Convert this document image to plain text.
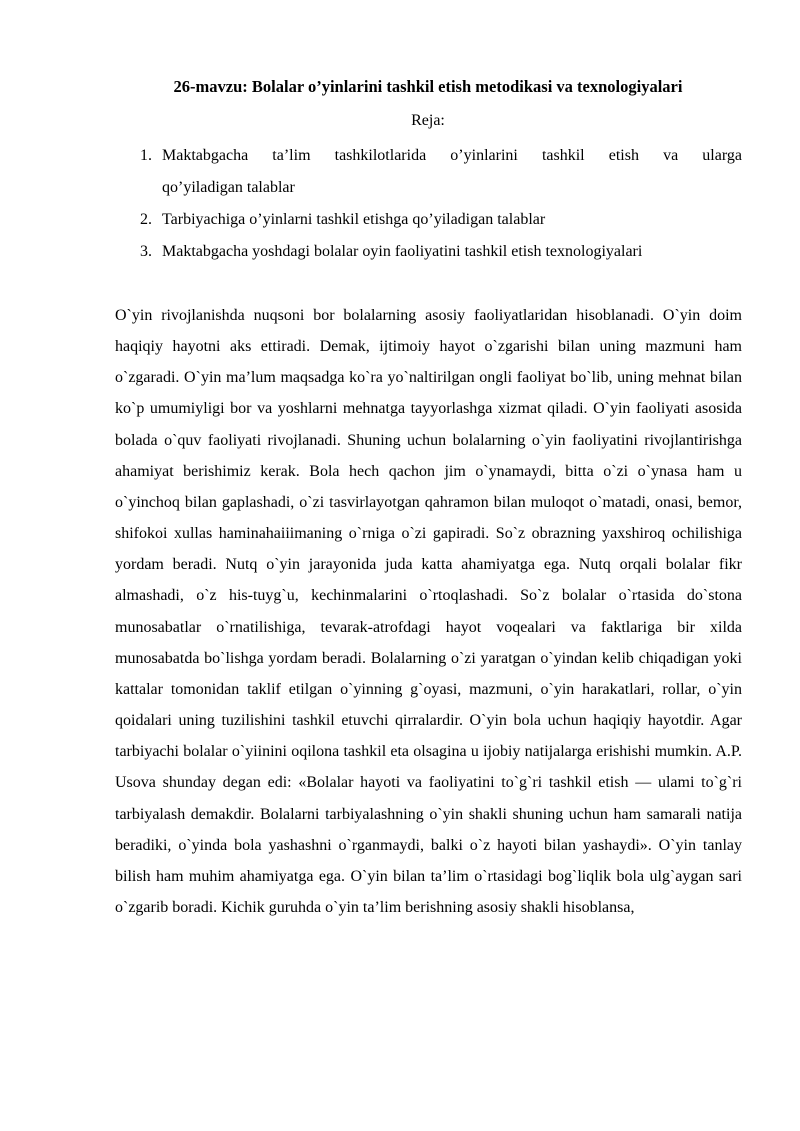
26-mavzu: Bolalar o’yinlarini tashkil etish metodikasi va texnologiyalari
Reja:
1. Maktabgacha ta’lim tashkilotlarida o’yinlarini tashkil etish va ularga
qo’yiladigan talablar
2. Tarbiyachiga o’yinlarni tashkil etishga qo’yiladigan talablar
3. Maktabgacha yoshdagi bolalar oyin faoliyatini tashkil etish texnologiyalari

O`yin rivojlanishda nuqsoni bor bolalarning asosiy faoliyatlaridan hisoblanadi. O`yin doim haqiqiy hayotni aks ettiradi. Demak, ijtimoiy hayot o`zgarishi bilan uning mazmuni ham o`zgaradi. O`yin ma’lum maqsadga ko`ra yo`naltirilgan ongli faoliyat bo`lib, uning mehnat bilan ko`p umumiyligi bor va yoshlarni mehnatga tayyorlashga xizmat qiladi. O`yin faoliyati asosida bolada o`quv faoliyati rivojlanadi. Shuning uchun bolalarning o`yin faoliyatini rivojlantirishga ahamiyat berishimiz kerak. Bola hech qachon jim o`ynamaydi, bitta o`zi o`ynasa ham u o`yinchoq bilan gaplashadi, o`zi tasvirlayotgan qahramon bilan muloqot o`matadi, onasi, bemor, shifokoi xullas haminahaiiimaning o`rniga o`zi gapiradi. So`z obrazning yaxshiroq ochilishiga yordam beradi. Nutq o`yin jarayonida juda katta ahamiyatga ega. Nutq orqali bolalar fikr almashadi, o`z his-tuyg`u, kechinmalarini o`rtoqlashadi. So`z bolalar o`rtasida do`stona munosabatlar o`rnatilishiga, tevarak-atrofdagi hayot voqealari va faktlariga bir xilda munosabatda bo`lishga yordam beradi. Bolalarning o`zi yaratgan o`yindan kelib chiqadigan yoki kattalar tomonidan taklif etilgan o`yinning g`oyasi, mazmuni, o`yin harakatlari, rollar, o`yin qoidalari uning tuzilishini tashkil etuvchi qirralardir. O`yin bola uchun haqiqiy hayotdir. Agar tarbiyachi bolalar o`yiinini oqilona tashkil eta olsagina u ijobiy natijalarga erishishi mumkin. A.P. Usova shunday degan edi: «Bolalar hayoti va faoliyatini to`g`ri tashkil etish — ulami to`g`ri tarbiyalash demakdir. Bolalarni tarbiyalashning o`yin shakli shuning uchun ham samarali natija beradiki, o`yinda bola yashashni o`rganmaydi, balki o`z hayoti bilan yashaydi». O`yin tanlay bilish ham muhim ahamiyatga ega. O`yin bilan ta’lim o`rtasidagi bog`liqlik bola ulg`aygan sari o`zgarib boradi. Kichik guruhda o`yin ta’lim berishning asosiy shakli hisoblansa,
